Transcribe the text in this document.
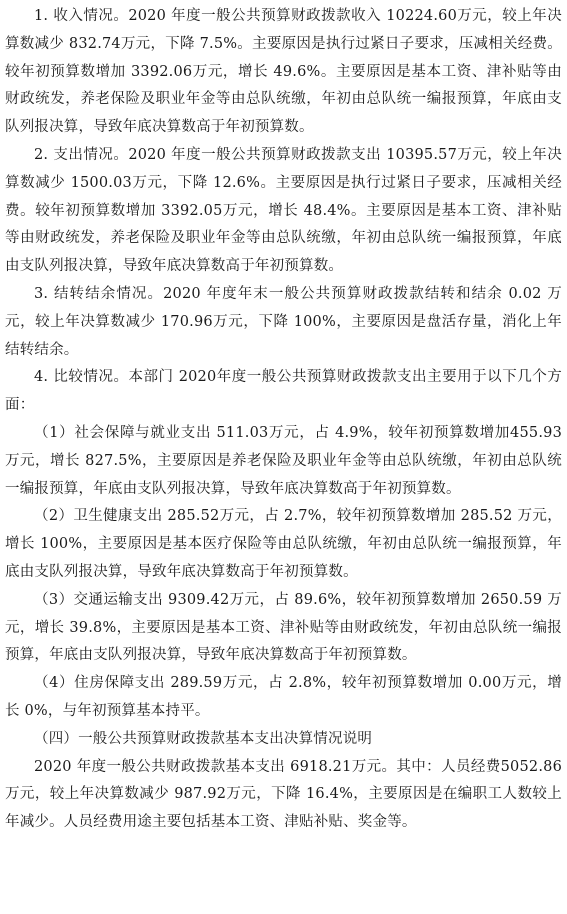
1. 收入情况。2020 年度一般公共预算财政拨款收入 10224.60万元，较上年决算数减少 832.74万元，下降 7.5%。主要原因是执行过紧日子要求，压减相关经费。较年初预算数增加 3392.06万元，增长 49.6%。主要原因是基本工资、津补贴等由财政统发，养老保险及职业年金等由总队统缴，年初由总队统一编报预算，年底由支队列报决算，导致年底决算数高于年初预算数。

2. 支出情况。2020 年度一般公共预算财政拨款支出 10395.57万元，较上年决算数减少 1500.03万元，下降 12.6%。主要原因是执行过紧日子要求，压减相关经费。较年初预算数增加 3392.05万元，增长 48.4%。主要原因是基本工资、津补贴等由财政统发，养老保险及职业年金等由总队统缴，年初由总队统一编报预算，年底由支队列报决算，导致年底决算数高于年初预算数。

3. 结转结余情况。2020 年度年末一般公共预算财政拨款结转和结余 0.02 万元，较上年决算数减少 170.96万元，下降 100%，主要原因是盘活存量，消化上年结转结余。

4. 比较情况。本部门 2020年度一般公共预算财政拨款支出主要用于以下几个方面：

（1）社会保障与就业支出 511.03万元，占 4.9%，较年初预算数增加455.93万元，增长 827.5%，主要原因是养老保险及职业年金等由总队统缴，年初由总队统一编报预算，年底由支队列报决算，导致年底决算数高于年初预算数。

（2）卫生健康支出 285.52万元，占 2.7%，较年初预算数增加 285.52 万元，增长 100%，主要原因是基本医疗保险等由总队统缴，年初由总队统一编报预算，年底由支队列报决算，导致年底决算数高于年初预算数。

（3）交通运输支出 9309.42万元，占 89.6%，较年初预算数增加 2650.59 万元，增长 39.8%，主要原因是基本工资、津补贴等由财政统发，年初由总队统一编报预算，年底由支队列报决算，导致年底决算数高于年初预算数。

（4）住房保障支出 289.59万元，占 2.8%，较年初预算数增加 0.00万元，增长 0%，与年初预算基本持平。

（四）一般公共预算财政拨款基本支出决算情况说明

2020 年度一般公共财政拨款基本支出 6918.21万元。其中：人员经费5052.86万元，较上年决算数减少 987.92万元，下降 16.4%，主要原因是在编职工人数较上年减少。人员经费用途主要包括基本工资、津贴补贴、奖金等。
